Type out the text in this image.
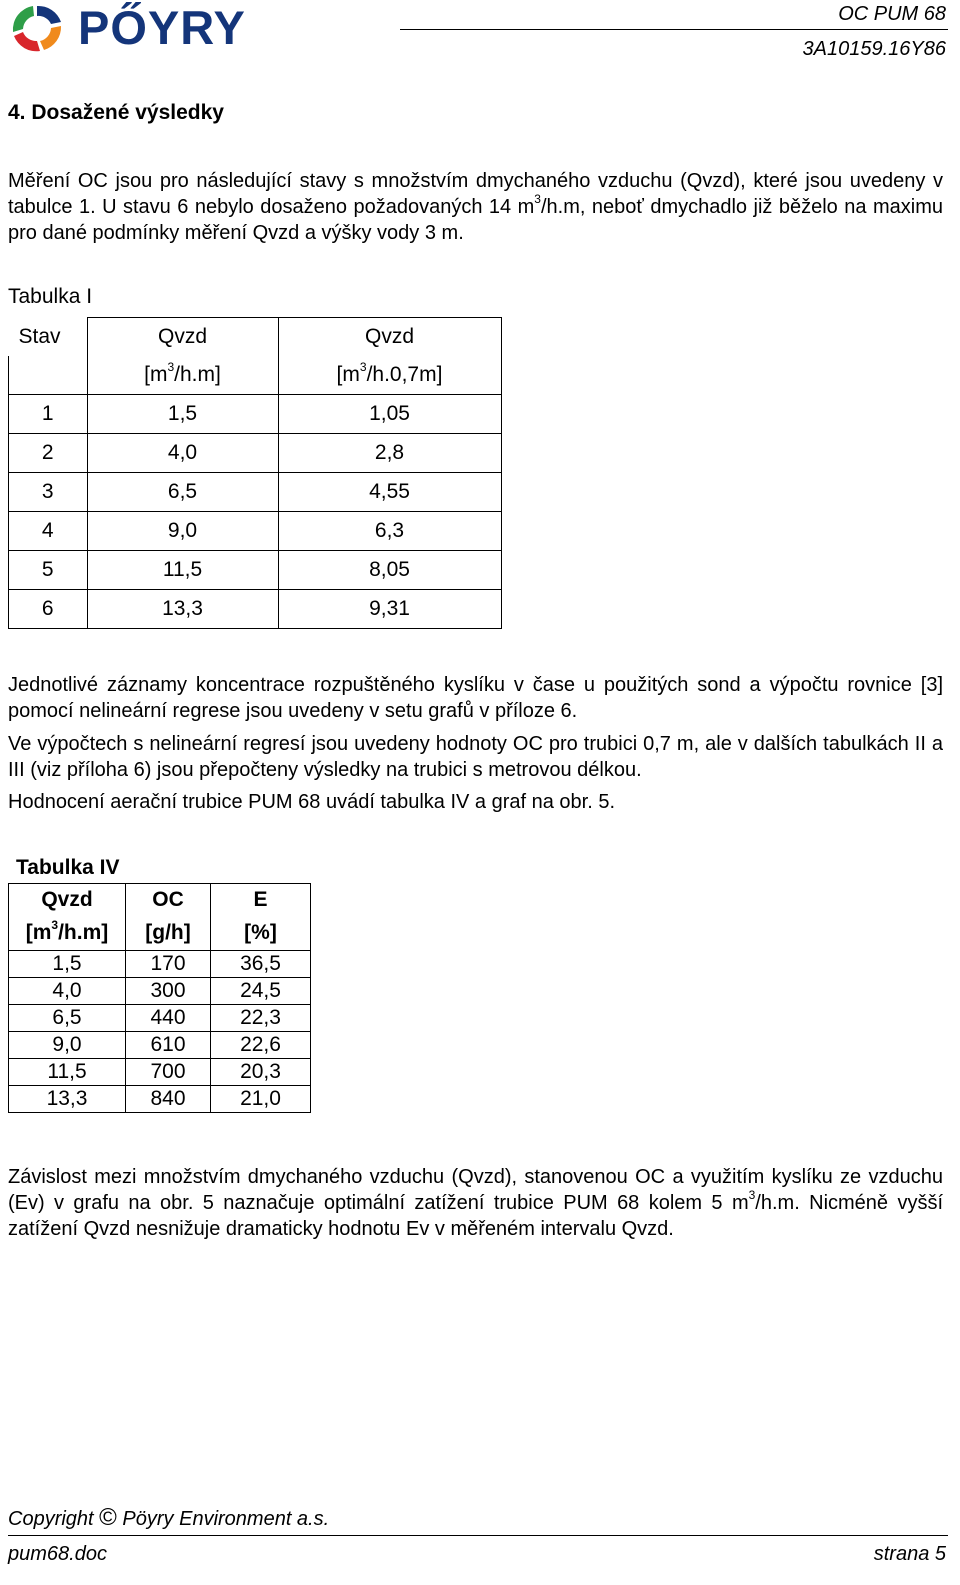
PŐYRY	OC PUM 68
3A10159.16Y86
4. Dosažené výsledky

Měření OC jsou pro následující stavy s množstvím dmychaného vzduchu (Qvzd), které jsou uvedeny v tabulce 1. U stavu 6 nebylo dosaženo požadovaných 14 $m^3/h.m$, neboť dmychadlo již běželo na maximu pro dané podmínky měření Qvzd a výšky vody 3 m.

Tabulka I
Stav	Qvzd	Qvzd
	$[m^3/h.m]$	$[m^3/h.0,7m]$
1	1,5	1,05
2	4,0	2,8
3	6,5	4,55
4	9,0	6,3
5	11,5	8,05
6	13,3	9,31

Jednotlivé záznamy koncentrace rozpuštěného kyslíku v čase u použitých sond a výpočtu rovnice [3] pomocí nelineární regrese jsou uvedeny v setu grafů v příloze 6.

Ve výpočtech s nelineární regresí jsou uvedeny hodnoty OC pro trubici 0,7 m, ale v dalších tabulkách II a III (viz příloha 6) jsou přepočteny výsledky na trubici s metrovou délkou.

Hodnocení aerační trubice PUM 68 uvádí tabulka IV a graf na obr. 5.

Tabulka IV
Qvzd	OC	E
$[m^3/h.m]$	[g/h]	[%]
1,5	170	36,5
4,0	300	24,5
6,5	440	22,3
9,0	610	22,6
11,5	700	20,3
13,3	840	21,0

Závislost mezi množstvím dmychaného vzduchu (Qvzd), stanovenou OC a využitím kyslíku ze vzduchu (Ev) v grafu na obr. 5 naznačuje optimální zatížení trubice PUM 68 kolem 5 $m^3/h.m$. Nicméně vyšší zatížení Qvzd nesnižuje dramaticky hodnotu Ev v měřeném intervalu Qvzd.

Copyright © Pöyry Environment a.s.
pum68.doc	strana 5
